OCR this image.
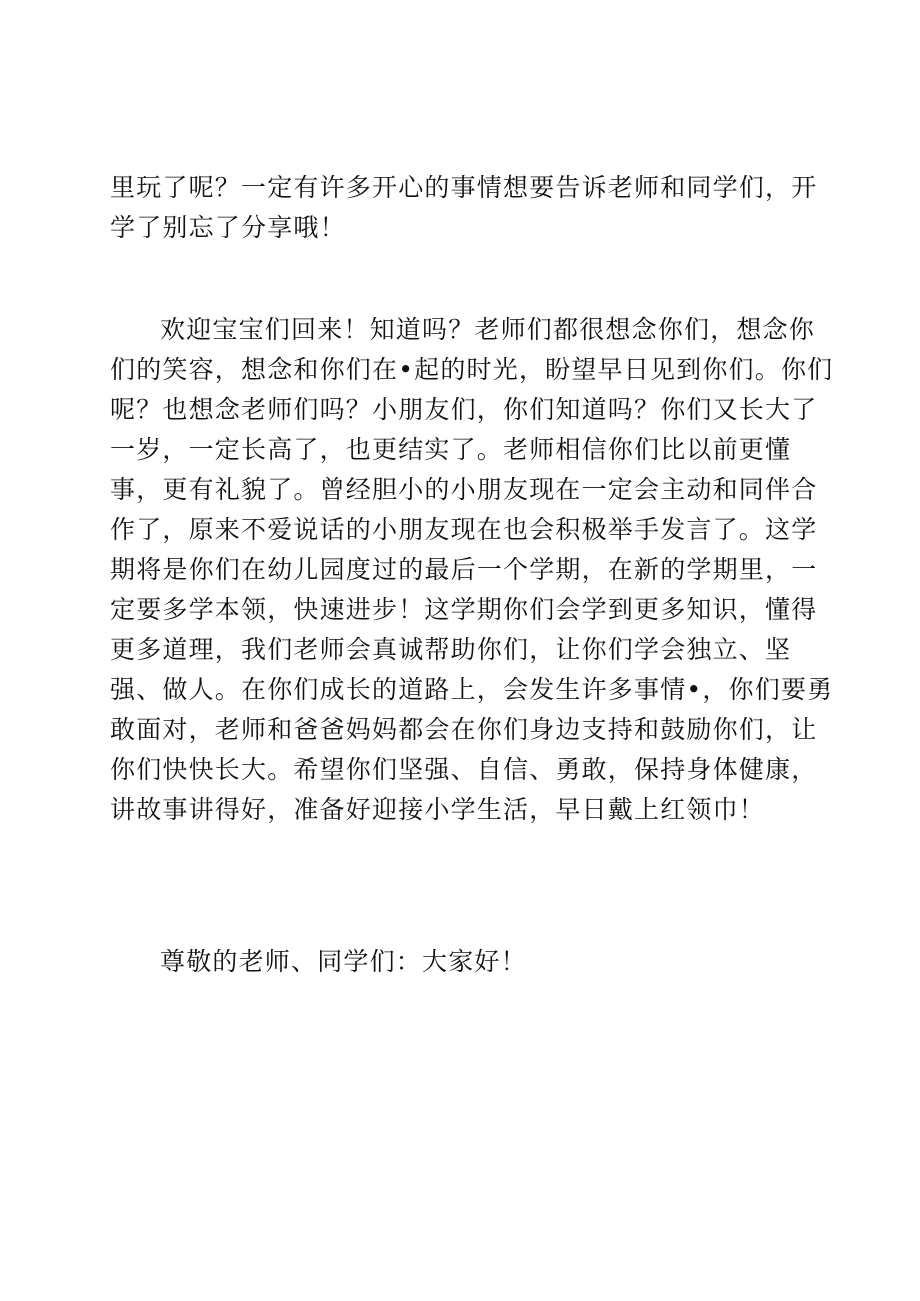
里玩了呢？一定有许多开心的事情想要告诉老师和同学们，开学了别忘了分享哦！

欢迎宝宝们回来！知道吗？老师们都很想念你们，想念你们的笑容，想念和你们在•起的时光，盼望早日见到你们。你们呢？也想念老师们吗？小朋友们，你们知道吗？你们又长大了一岁，一定长高了，也更结实了。老师相信你们比以前更懂事，更有礼貌了。曾经胆小的小朋友现在一定会主动和同伴合作了，原来不爱说话的小朋友现在也会积极举手发言了。这学期将是你们在幼儿园度过的最后一个学期，在新的学期里，一定要多学本领，快速进步！这学期你们会学到更多知识，懂得更多道理，我们老师会真诚帮助你们，让你们学会独立、坚强、做人。在你们成长的道路上，会发生许多事情•，你们要勇敢面对，老师和爸爸妈妈都会在你们身边支持和鼓励你们，让你们快快长大。希望你们坚强、自信、勇敢，保持身体健康，讲故事讲得好，准备好迎接小学生活，早日戴上红领巾！

尊敬的老师、同学们：大家好！
